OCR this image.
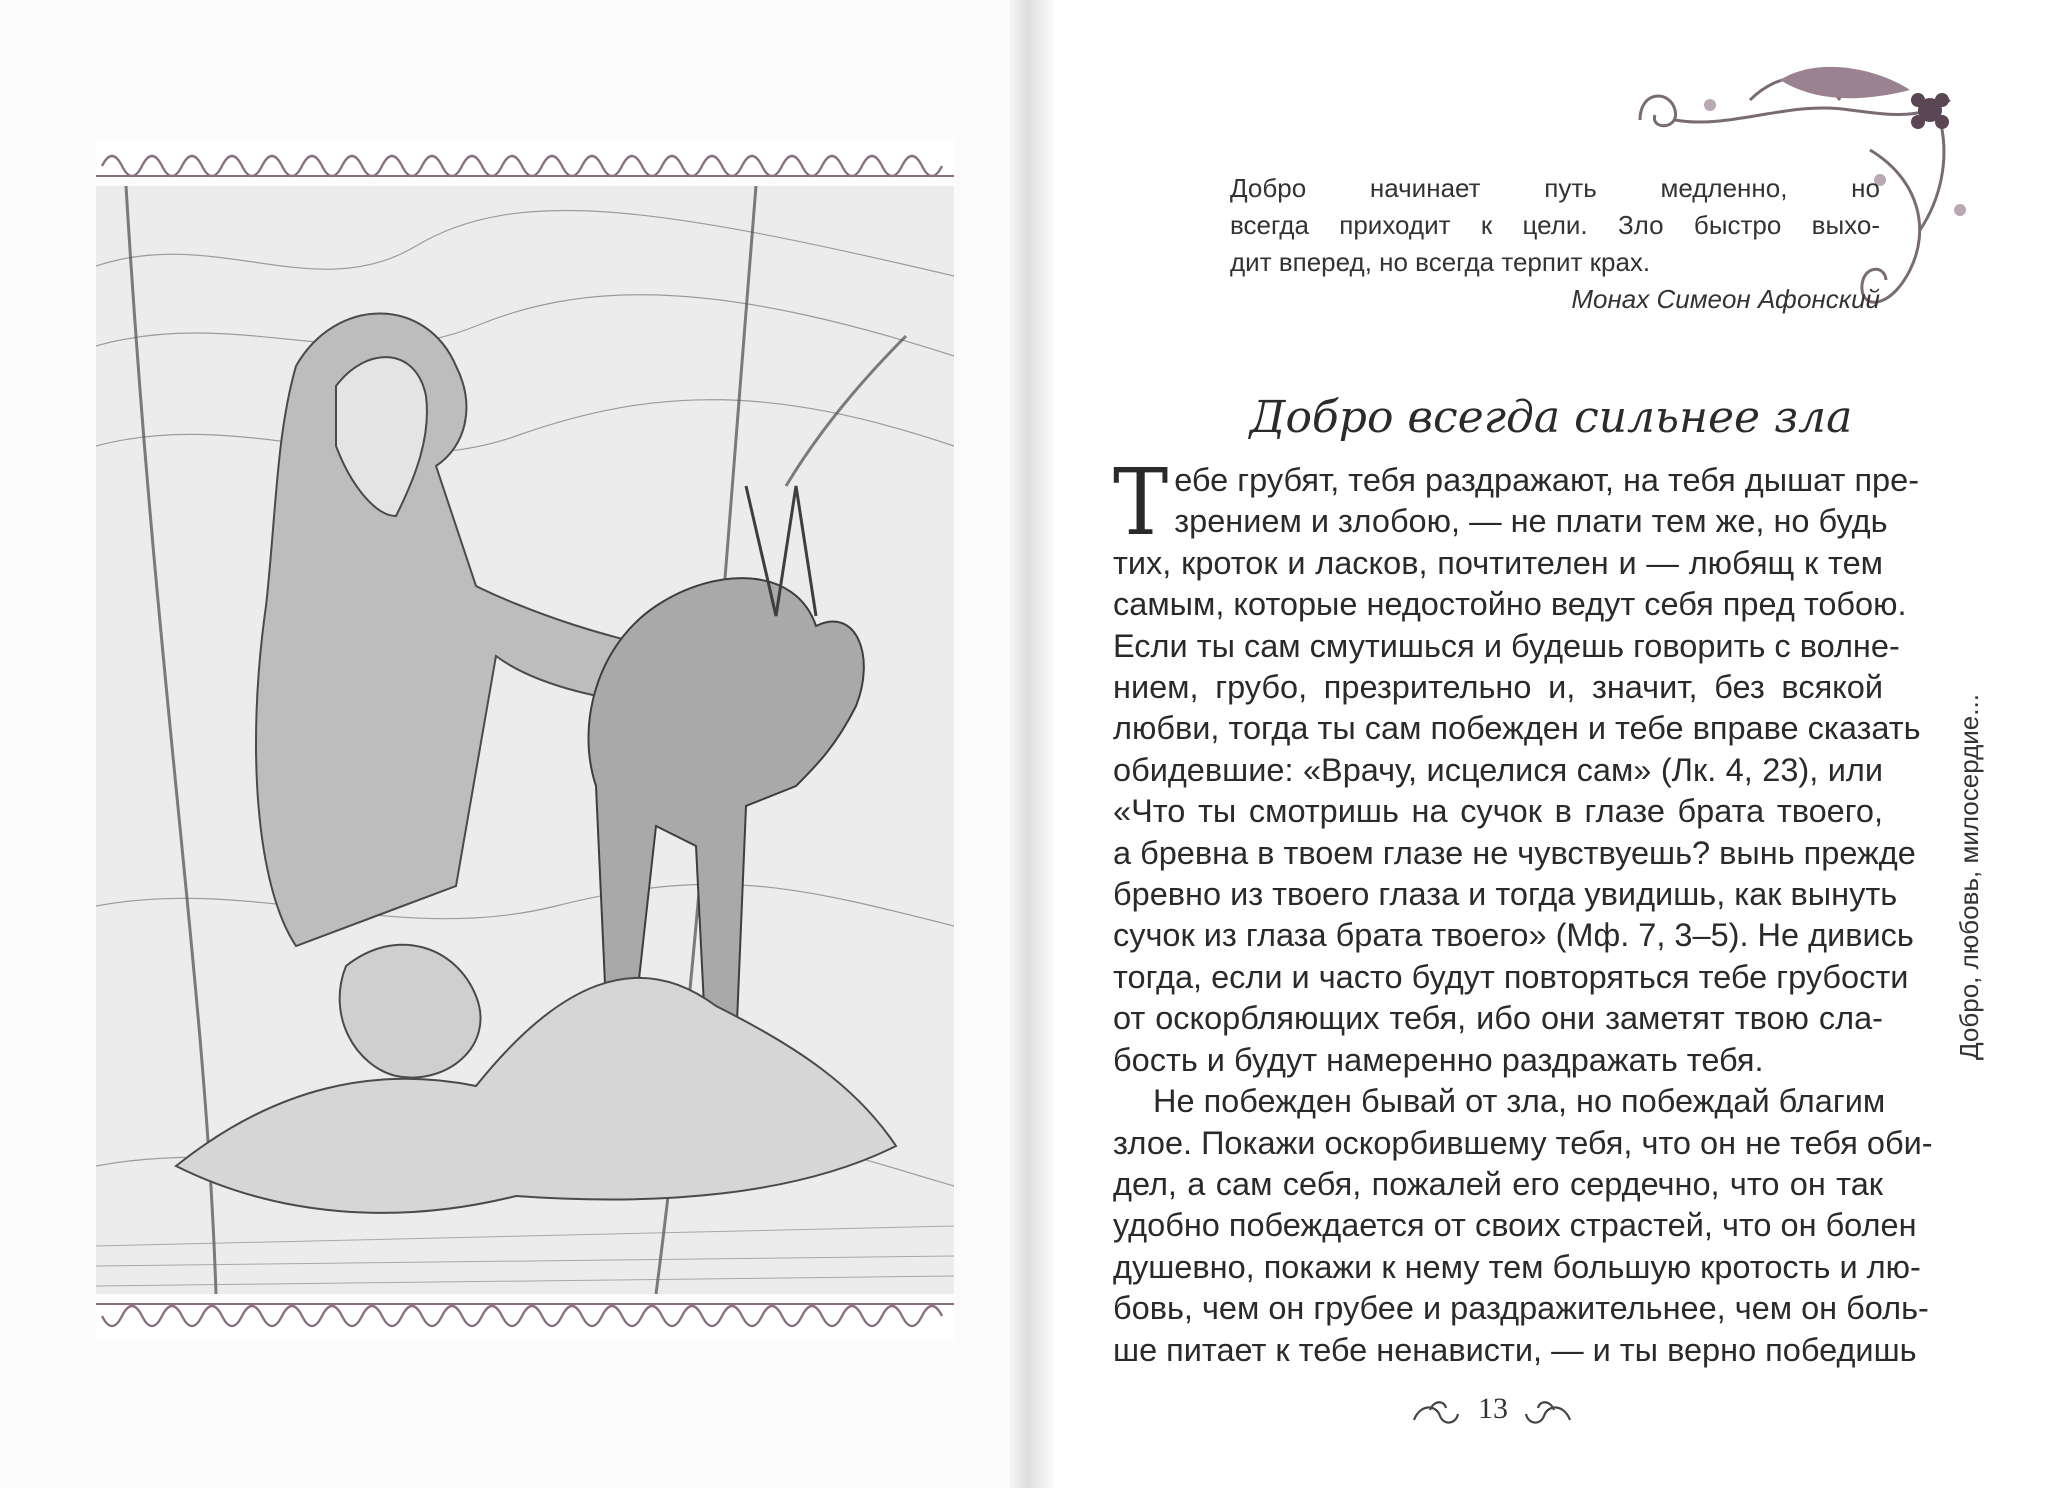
Добро начинает путь медленно, но
всегда приходит к цели. Зло быстро выхо-
дит вперед, но всегда терпит крах.
Монах Симеон Афонский
Добро всегда сильнее зла

Т ебе грубят, тебя раздражают, на тебя дышат пре-
зрением и злобою, — не плати тем же, но будь
тих, кроток и ласков, почтителен и — любящ к тем
самым, которые недостойно ведут себя пред тобою.
Если ты сам смутишься и будешь говорить с волне-
нием, грубо, презрительно и, значит, без всякой
любви, тогда ты сам побежден и тебе вправе сказать
обидевшие: «Врачу, исцелися сам» (Лк. 4, 23), или
«Что ты смотришь на сучок в глазе брата твоего,
а бревна в твоем глазе не чувствуешь? вынь прежде
бревно из твоего глаза и тогда увидишь, как вынуть
сучок из глаза брата твоего» (Мф. 7, 3–5). Не дивись
тогда, если и часто будут повторяться тебе грубости
от оскорбляющих тебя, ибо они заметят твою сла-
бость и будут намеренно раздражать тебя.

Не побежден бывай от зла, но побеждай благим
злое. Покажи оскорбившему тебя, что он не тебя оби-
дел, а сам себя, пожалей его сердечно, что он так
удобно побеждается от своих страстей, что он болен
душевно, покажи к нему тем большую кротость и лю-
бовь, чем он грубее и раздражительнее, чем он боль-
ше питает к тебе ненависти, — и ты верно победишь

Добро, любовь, милосердие...
13
